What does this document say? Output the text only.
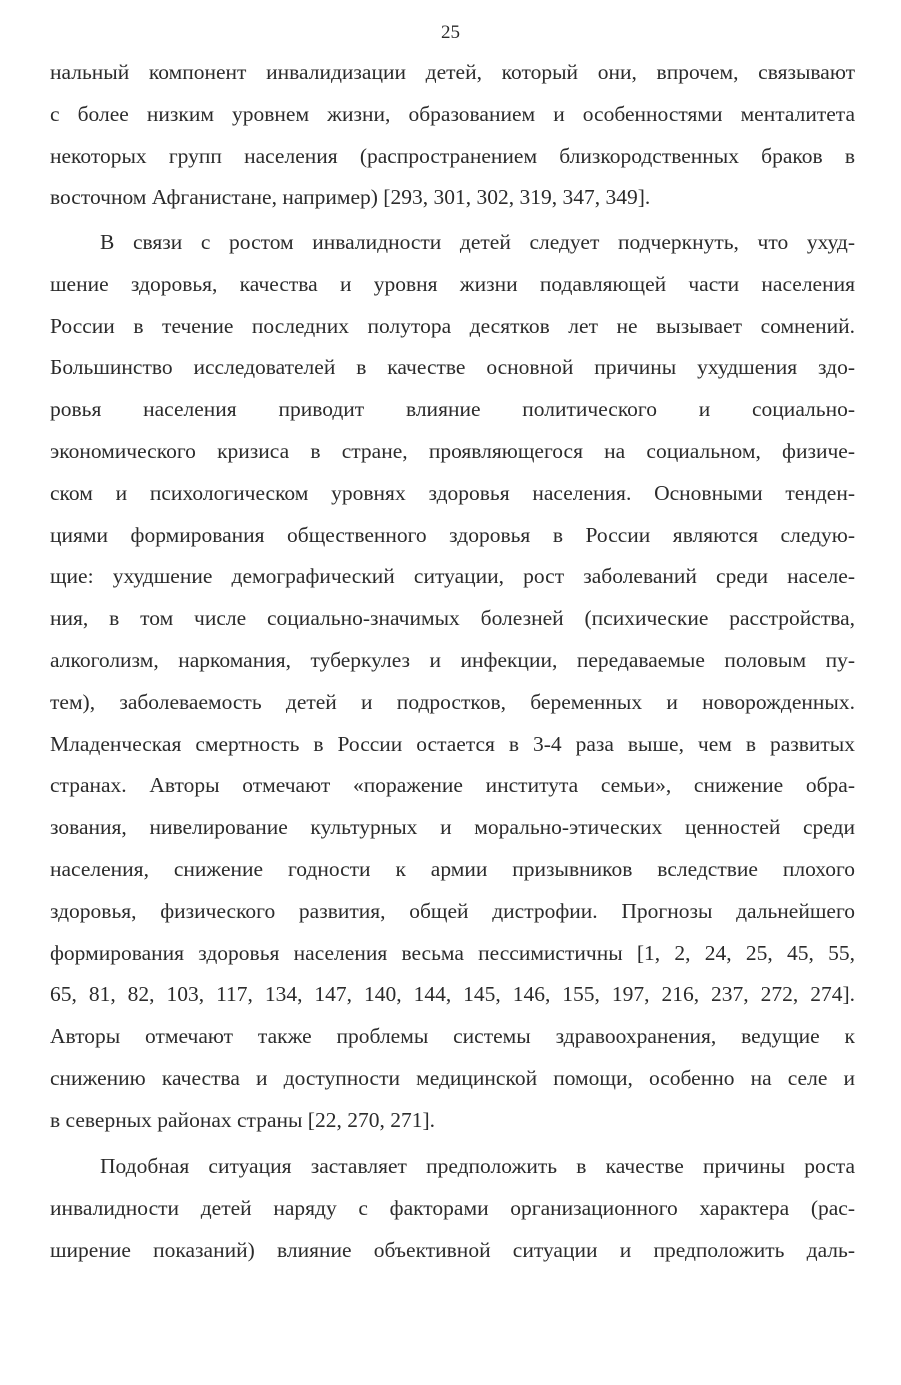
25
нальный компонент инвалидизации детей, который они, впрочем, связывают
с более низким уровнем жизни, образованием и особенностями менталитета
некоторых групп населения (распространением близкородственных браков в
восточном Афганистане, например) [293, 301, 302, 319, 347, 349].
В связи с ростом инвалидности детей следует подчеркнуть, что ухуд-
шение здоровья, качества и уровня жизни подавляющей части населения
России в течение последних полутора десятков лет не вызывает сомнений.
Большинство исследователей в качестве основной причины ухудшения здо-
ровья населения приводит влияние политического и социально-
экономического кризиса в стране, проявляющегося на социальном, физиче-
ском и психологическом уровнях здоровья населения. Основными тенден-
циями формирования общественного здоровья в России являются следую-
щие: ухудшение демографический ситуации, рост заболеваний среди населе-
ния, в том числе социально-значимых болезней (психические расстройства,
алкоголизм, наркомания, туберкулез и инфекции, передаваемые половым пу-
тем), заболеваемость детей и подростков, беременных и новорожденных.
Младенческая смертность в России остается в 3-4 раза выше, чем в развитых
странах. Авторы отмечают «поражение института семьи», снижение обра-
зования, нивелирование культурных и морально-этических ценностей среди
населения, снижение годности к армии призывников вследствие плохого
здоровья, физического развития, общей дистрофии. Прогнозы дальнейшего
формирования здоровья населения весьма пессимистичны [1, 2, 24, 25, 45, 55,
65, 81, 82, 103, 117, 134, 147, 140, 144, 145, 146, 155, 197, 216, 237, 272, 274].
Авторы отмечают также проблемы системы здравоохранения, ведущие к
снижению качества и доступности медицинской помощи, особенно на селе и
в северных районах страны [22, 270, 271].
Подобная ситуация заставляет предположить в качестве причины роста
инвалидности детей наряду с факторами организационного характера (рас-
ширение показаний) влияние объективной ситуации и предположить даль-
